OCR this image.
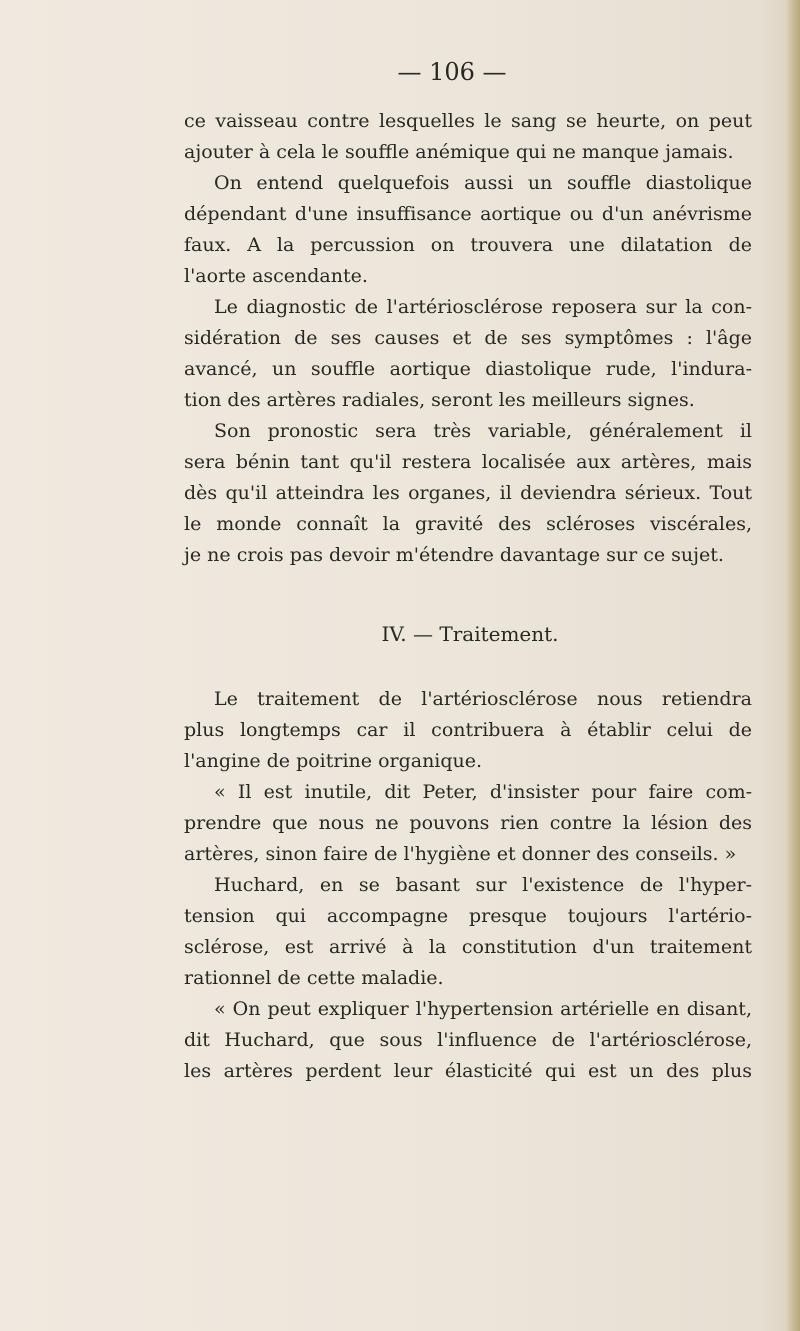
— 106 —
ce vaisseau contre lesquelles le sang se heurte, on peut
ajouter à cela le souffle anémique qui ne manque jamais.
On entend quelquefois aussi un souffle diastolique
dépendant d'une insuffisance aortique ou d'un anévrisme
faux. A la percussion on trouvera une dilatation de
l'aorte ascendante.
Le diagnostic de l'artériosclérose reposera sur la con-
sidération de ses causes et de ses symptômes : l'âge
avancé, un souffle aortique diastolique rude, l'indura-
tion des artères radiales, seront les meilleurs signes.
Son pronostic sera très variable, généralement il
sera bénin tant qu'il restera localisée aux artères, mais
dès qu'il atteindra les organes, il deviendra sérieux. Tout
le monde connaît la gravité des scléroses viscérales,
je ne crois pas devoir m'étendre davantage sur ce sujet.
IV. — Traitement.
Le traitement de l'artériosclérose nous retiendra
plus longtemps car il contribuera à établir celui de
l'angine de poitrine organique.
« Il est inutile, dit Peter, d'insister pour faire com-
prendre que nous ne pouvons rien contre la lésion des
artères, sinon faire de l'hygiène et donner des conseils. »
Huchard, en se basant sur l'existence de l'hyper-
tension qui accompagne presque toujours l'artério-
sclérose, est arrivé à la constitution d'un traitement
rationnel de cette maladie.
« On peut expliquer l'hypertension artérielle en disant,
dit Huchard, que sous l'influence de l'artériosclérose,
les artères perdent leur élasticité qui est un des plus
